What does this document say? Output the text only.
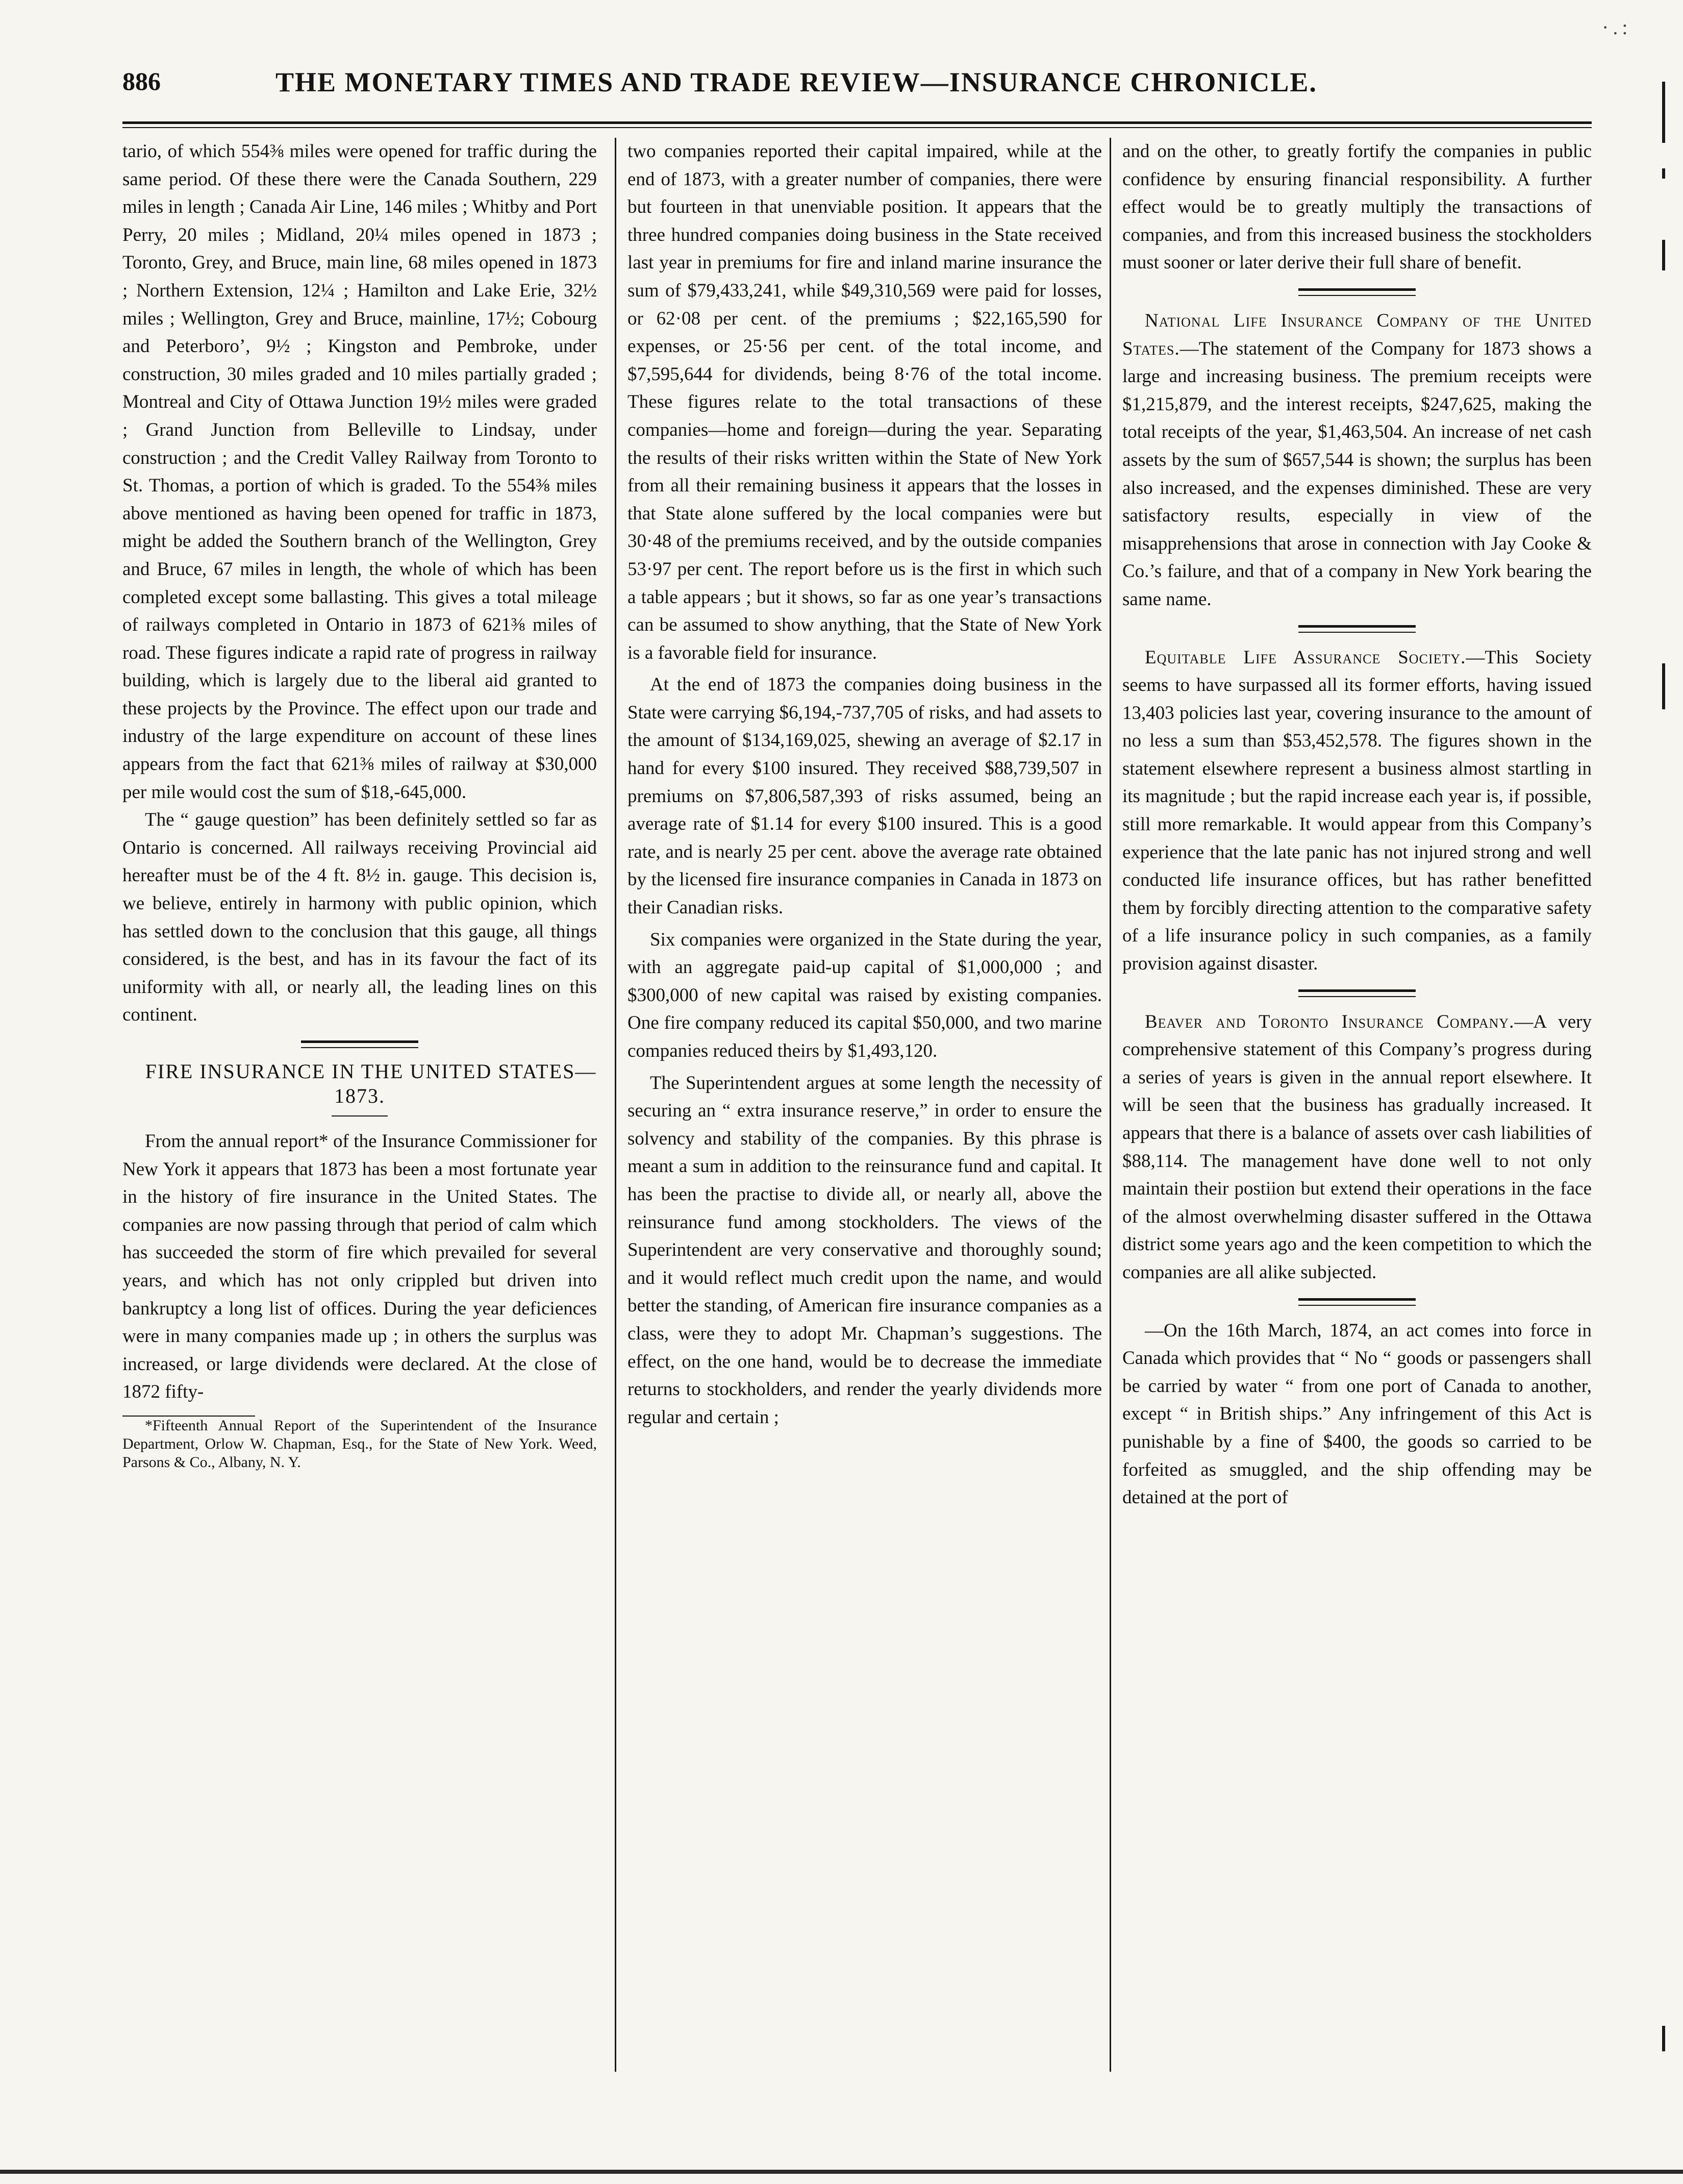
·.:
886	THE MONETARY TIMES AND TRADE REVIEW—INSURANCE CHRONICLE.

tario, of which 554⅜ miles were opened for traffic during the same period. Of these there were the Canada Southern, 229 miles in length ; Canada Air Line, 146 miles ; Whitby and Port Perry, 20 miles ; Midland, 20¼ miles opened in 1873 ; Toronto, Grey, and Bruce, main line, 68 miles opened in 1873 ; Northern Extension, 12¼ ; Hamilton and Lake Erie, 32½ miles ; Wellington, Grey and Bruce, mainline, 17½; Cobourg and Peterboro’, 9½ ; Kingston and Pembroke, under construction, 30 miles graded and 10 miles partially graded ; Montreal and City of Ottawa Junction 19½ miles were graded ; Grand Junction from Belleville to Lindsay, under construction ; and the Credit Valley Railway from Toronto to St. Thomas, a portion of which is graded. To the 554⅜ miles above mentioned as having been opened for traffic in 1873, might be added the Southern branch of the Wellington, Grey and Bruce, 67 miles in length, the whole of which has been completed except some ballasting. This gives a total mileage of railways completed in Ontario in 1873 of 621⅜ miles of road. These figures indicate a rapid rate of progress in railway building, which is largely due to the liberal aid granted to these projects by the Province. The effect upon our trade and industry of the large expenditure on account of these lines appears from the fact that 621⅜ miles of railway at $30,000 per mile would cost the sum of $18,-645,000.

The “ gauge question” has been definitely settled so far as Ontario is concerned. All railways receiving Provincial aid hereafter must be of the 4 ft. 8½ in. gauge. This decision is, we believe, entirely in harmony with public opinion, which has settled down to the conclusion that this gauge, all things considered, is the best, and has in its favour the fact of its uniformity with all, or nearly all, the leading lines on this continent.

FIRE INSURANCE IN THE UNITED STATES—1873.

From the annual report* of the Insurance Commissioner for New York it appears that 1873 has been a most fortunate year in the history of fire insurance in the United States. The companies are now passing through that period of calm which has succeeded the storm of fire which prevailed for several years, and which has not only crippled but driven into bankruptcy a long list of offices. During the year deficiences were in many companies made up ; in others the surplus was increased, or large dividends were declared. At the close of 1872 fifty-

*Fifteenth Annual Report of the Superintendent of the Insurance Department, Orlow W. Chapman, Esq., for the State of New York. Weed, Parsons & Co., Albany, N. Y.

two companies reported their capital impaired, while at the end of 1873, with a greater number of companies, there were but fourteen in that unenviable position. It appears that the three hundred companies doing business in the State received last year in premiums for fire and inland marine insurance the sum of $79,433,241, while $49,310,569 were paid for losses, or 62·08 per cent. of the premiums ; $22,165,590 for expenses, or 25·56 per cent. of the total income, and $7,595,644 for dividends, being 8·76 of the total income. These figures relate to the total transactions of these companies—home and foreign—during the year. Separating the results of their risks written within the State of New York from all their remaining business it appears that the losses in that State alone suffered by the local companies were but 30·48 of the premiums received, and by the outside companies 53·97 per cent. The report before us is the first in which such a table appears ; but it shows, so far as one year’s transactions can be assumed to show anything, that the State of New York is a favorable field for insurance.

At the end of 1873 the companies doing business in the State were carrying $6,194,-737,705 of risks, and had assets to the amount of $134,169,025, shewing an average of $2.17 in hand for every $100 insured. They received $88,739,507 in premiums on $7,806,587,393 of risks assumed, being an average rate of $1.14 for every $100 insured. This is a good rate, and is nearly 25 per cent. above the average rate obtained by the licensed fire insurance companies in Canada in 1873 on their Canadian risks.

Six companies were organized in the State during the year, with an aggregate paid-up capital of $1,000,000 ; and $300,000 of new capital was raised by existing companies. One fire company reduced its capital $50,000, and two marine companies reduced theirs by $1,493,120.

The Superintendent argues at some length the necessity of securing an “ extra insurance reserve,” in order to ensure the solvency and stability of the companies. By this phrase is meant a sum in addition to the reinsurance fund and capital. It has been the practise to divide all, or nearly all, above the reinsurance fund among stockholders. The views of the Superintendent are very conservative and thoroughly sound; and it would reflect much credit upon the name, and would better the standing, of American fire insurance companies as a class, were they to adopt Mr. Chapman’s suggestions. The effect, on the one hand, would be to decrease the immediate returns to stockholders, and render the yearly dividends more regular and certain ;

and on the other, to greatly fortify the companies in public confidence by ensuring financial responsibility. A further effect would be to greatly multiply the transactions of companies, and from this increased business the stockholders must sooner or later derive their full share of benefit.

National Life Insurance Company of the United States.—The statement of the Company for 1873 shows a large and increasing business. The premium receipts were $1,215,879, and the interest receipts, $247,625, making the total receipts of the year, $1,463,504. An increase of net cash assets by the sum of $657,544 is shown; the surplus has been also increased, and the expenses diminished. These are very satisfactory results, especially in view of the misapprehensions that arose in connection with Jay Cooke & Co.’s failure, and that of a company in New York bearing the same name.

Equitable Life Assurance Society.—This Society seems to have surpassed all its former efforts, having issued 13,403 policies last year, covering insurance to the amount of no less a sum than $53,452,578. The figures shown in the statement elsewhere represent a business almost startling in its magnitude ; but the rapid increase each year is, if possible, still more remarkable. It would appear from this Company’s experience that the late panic has not injured strong and well conducted life insurance offices, but has rather benefitted them by forcibly directing attention to the comparative safety of a life insurance policy in such companies, as a family provision against disaster.

Beaver and Toronto Insurance Company.—A very comprehensive statement of this Company’s progress during a series of years is given in the annual report elsewhere. It will be seen that the business has gradually increased. It appears that there is a balance of assets over cash liabilities of $88,114. The management have done well to not only maintain their postiion but extend their operations in the face of the almost overwhelming disaster suffered in the Ottawa district some years ago and the keen competition to which the companies are all alike subjected.

—On the 16th March, 1874, an act comes into force in Canada which provides that “ No “ goods or passengers shall be carried by water “ from one port of Canada to another, except “ in British ships.” Any infringement of this Act is punishable by a fine of $400, the goods so carried to be forfeited as smuggled, and the ship offending may be detained at the port of
